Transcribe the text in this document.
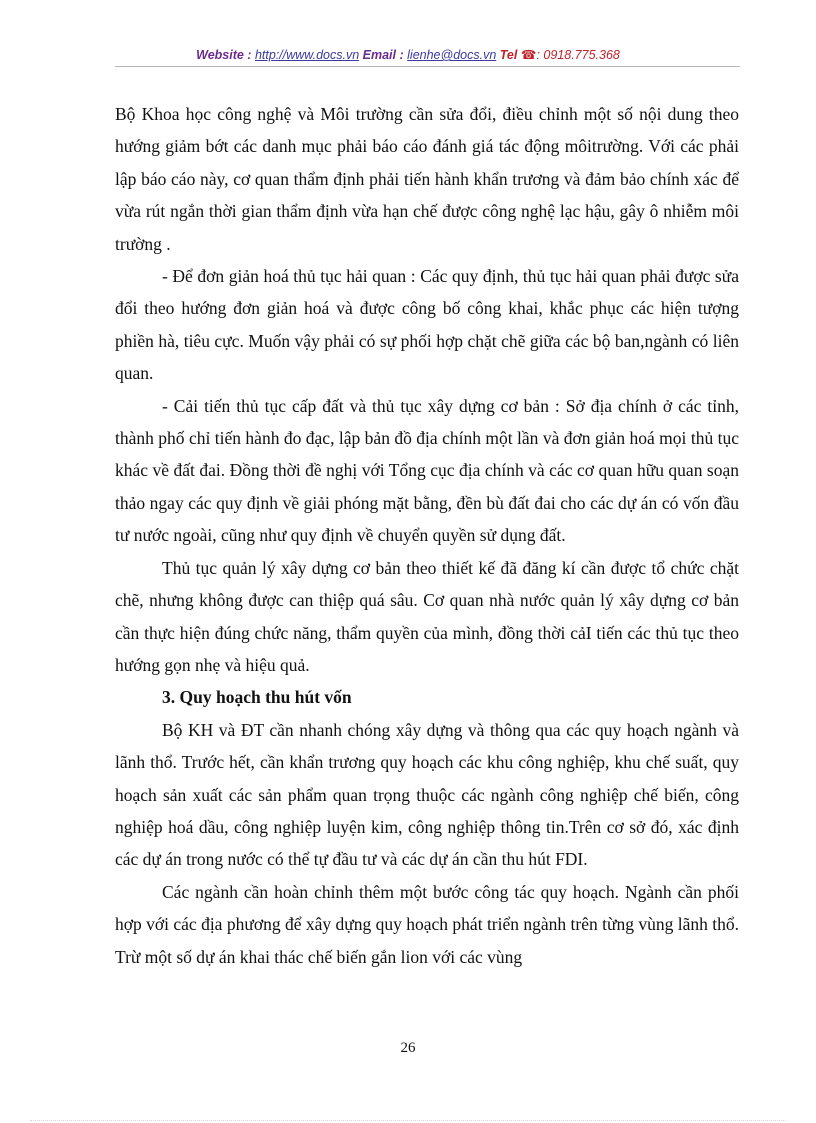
Website : http://www.docs.vn Email : lienhe@docs.vn Tel ☎: 0918.775.368

Bộ Khoa học công nghệ và Môi trường cần sửa đổi, điều chỉnh một số nội dung theo hướng giảm bớt các danh mục phải báo cáo đánh giá tác động môitrường. Với các phải lập báo cáo này, cơ quan thẩm định phải tiến hành khẩn trương và đảm bảo chính xác để vừa rút ngắn thời gian thẩm định vừa hạn chế được công nghệ lạc hậu, gây ô nhiễm môi trường .

- Để đơn giản hoá thủ tục hải quan : Các quy định, thủ tục hải quan phải được sửa đổi theo hướng đơn giản hoá và được công bố công khai, khắc phục các hiện tượng phiền hà, tiêu cực. Muốn vậy phải có sự phối hợp chặt chẽ giữa các bộ ban,ngành có liên quan.

- Cải tiến thủ tục cấp đất và thủ tục xây dựng cơ bản : Sở địa chính ở các tỉnh, thành phố chỉ tiến hành đo đạc, lập bản đồ địa chính một lần và đơn giản hoá mọi thủ tục khác về đất đai. Đồng thời đề nghị với Tổng cục địa chính và các cơ quan hữu quan soạn thảo ngay các quy định về giải phóng mặt bằng, đền bù đất đai cho các dự án có vốn đầu tư nước ngoài, cũng như quy định về chuyển quyền sử dụng đất.

Thủ tục quản lý xây dựng cơ bản theo thiết kế đã đăng kí cần được tổ chức chặt chẽ, nhưng không được can thiệp quá sâu. Cơ quan nhà nước quản lý xây dựng cơ bản cần thực hiện đúng chức năng, thẩm quyền của mình, đồng thời cảI tiến các thủ tục theo hướng gọn nhẹ và hiệu quả.

3. Quy hoạch thu hút vốn

Bộ KH và ĐT cần nhanh chóng xây dựng và thông qua các quy hoạch ngành và lãnh thổ. Trước hết, cần khẩn trương quy hoạch các khu công nghiệp, khu chế suất, quy hoạch sản xuất các sản phẩm quan trọng thuộc các ngành công nghiệp chế biến, công nghiệp hoá dầu, công nghiệp luyện kim, công nghiệp thông tin.Trên cơ sở đó, xác định các dự án trong nước có thể tự đầu tư và các dự án cần thu hút FDI.

Các ngành cần hoàn chỉnh thêm một bước công tác quy hoạch. Ngành cần phối hợp với các địa phương để xây dựng quy hoạch phát triển ngành trên từng vùng lãnh thổ. Trừ một số dự án khai thác chế biến gắn lion với các vùng

26
